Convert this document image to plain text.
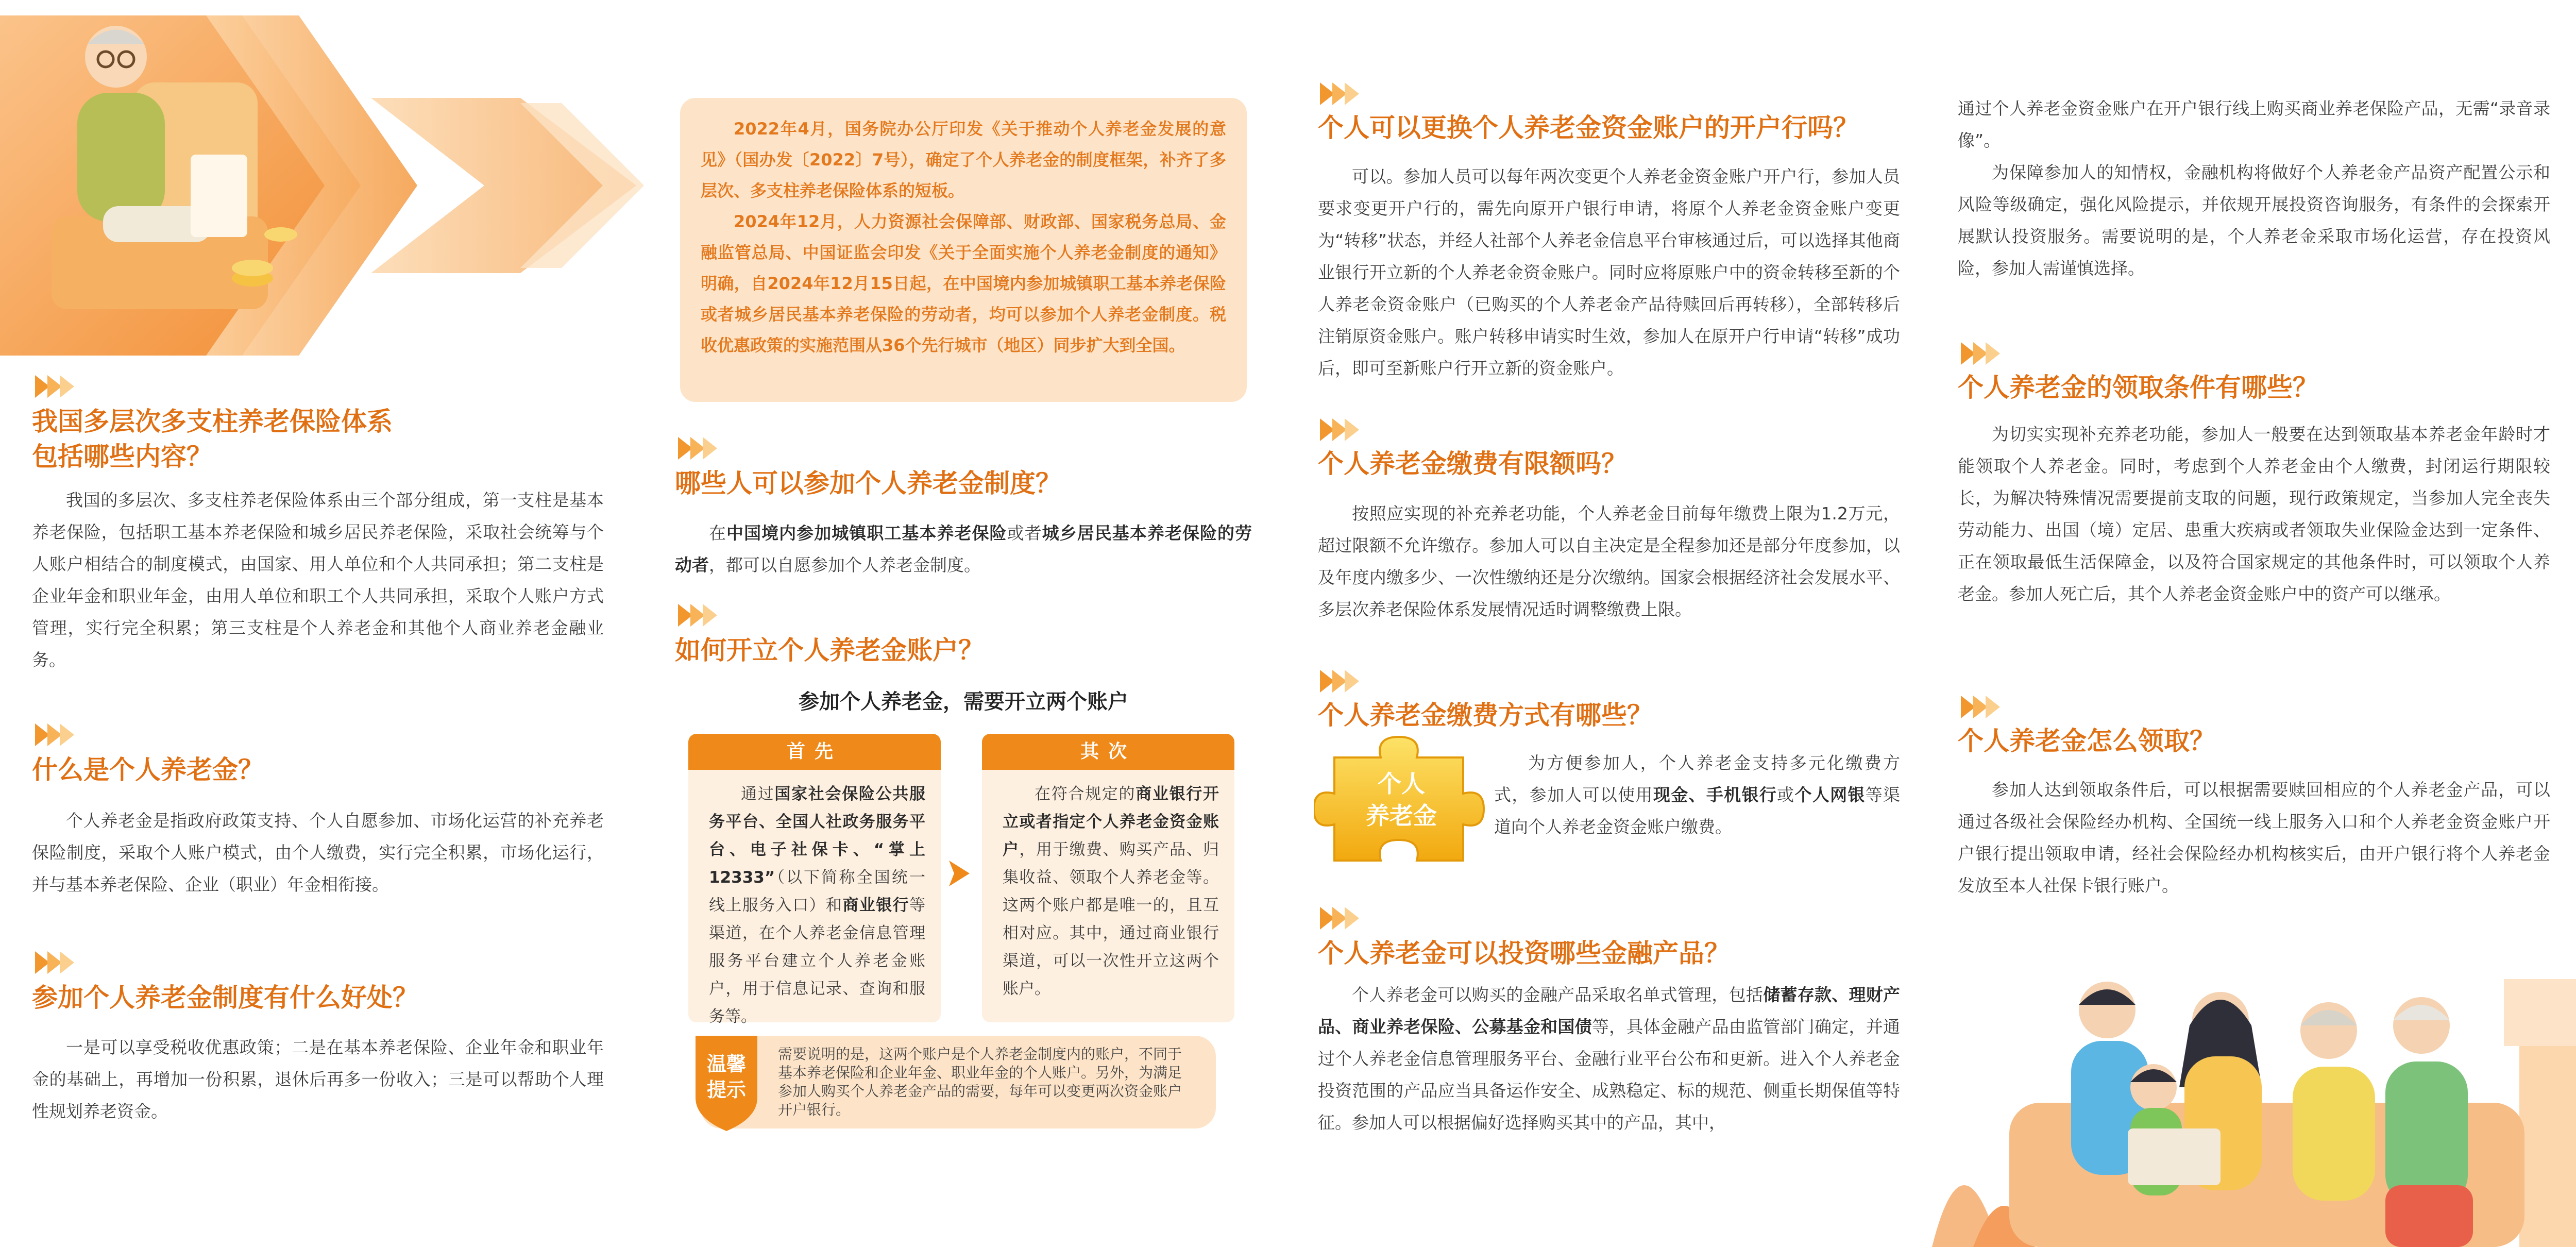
我国多层次多支柱养老保险体系
包括哪些内容？

我国的多层次、多支柱养老保险体系由三个部分组成，第一支柱是基本养老保险，包括职工基本养老保险和城乡居民养老保险，采取社会统筹与个人账户相结合的制度模式，由国家、用人单位和个人共同承担；第二支柱是企业年金和职业年金，由用人单位和职工个人共同承担，采取个人账户方式管理，实行完全积累；第三支柱是个人养老金和其他个人商业养老金融业务。

什么是个人养老金？

个人养老金是指政府政策支持、个人自愿参加、市场化运营的补充养老保险制度，采取个人账户模式，由个人缴费，实行完全积累，市场化运行，并与基本养老保险、企业（职业）年金相衔接。

参加个人养老金制度有什么好处？

一是可以享受税收优惠政策；二是在基本养老保险、企业年金和职业年金的基础上，再增加一份积累，退休后再多一份收入；三是可以帮助个人理性规划养老资金。

2022年4月，国务院办公厅印发《关于推动个人养老金发展的意见》（国办发〔2022〕7号），确定了个人养老金的制度框架，补齐了多层次、多支柱养老保险体系的短板。

2024年12月，人力资源社会保障部、财政部、国家税务总局、金融监管总局、中国证监会印发《关于全面实施个人养老金制度的通知》明确，自2024年12月15日起，在中国境内参加城镇职工基本养老保险或者城乡居民基本养老保险的劳动者，均可以参加个人养老金制度。税收优惠政策的实施范围从36个先行城市（地区）同步扩大到全国。

哪些人可以参加个人养老金制度？

在中国境内参加城镇职工基本养老保险或者城乡居民基本养老保险的劳动者，都可以自愿参加个人养老金制度。

如何开立个人养老金账户？
参加个人养老金，需要开立两个账户
首先

通过国家社会保险公共服务平台、全国人社政务服务平台、电子社保卡、“掌上12333”（以下简称全国统一线上服务入口）和商业银行等渠道，在个人养老金信息管理服务平台建立个人养老金账户，用于信息记录、查询和服务等。

其次

在符合规定的商业银行开立或者指定个人养老金资金账户，用于缴费、购买产品、归集收益、领取个人养老金等。这两个账户都是唯一的，且互相对应。其中，通过商业银行渠道，可以一次性开立这两个账户。

温馨
提示
需要说明的是，这两个账户是个人养老金制度内的账户，不同于基本养老保险和企业年金、职业年金的个人账户。另外，为满足参加人购买个人养老金产品的需要，每年可以变更两次资金账户开户银行。
个人可以更换个人养老金资金账户的开户行吗？

可以。参加人员可以每年两次变更个人养老金资金账户开户行，参加人员要求变更开户行的，需先向原开户银行申请，将原个人养老金资金账户变更为“转移”状态，并经人社部个人养老金信息平台审核通过后，可以选择其他商业银行开立新的个人养老金资金账户。同时应将原账户中的资金转移至新的个人养老金资金账户（已购买的个人养老金产品待赎回后再转移），全部转移后注销原资金账户。账户转移申请实时生效，参加人在原开户行申请“转移”成功后，即可至新账户行开立新的资金账户。

个人养老金缴费有限额吗？

按照应实现的补充养老功能，个人养老金目前每年缴费上限为1.2万元，超过限额不允许缴存。参加人可以自主决定是全程参加还是部分年度参加，以及年度内缴多少、一次性缴纳还是分次缴纳。国家会根据经济社会发展水平、多层次养老保险体系发展情况适时调整缴费上限。

个人养老金缴费方式有哪些？
个人
养老金

为方便参加人，个人养老金支持多元化缴费方式，参加人可以使用现金、手机银行或个人网银等渠道向个人养老金资金账户缴费。

个人养老金可以投资哪些金融产品？

个人养老金可以购买的金融产品采取名单式管理，包括储蓄存款、理财产品、商业养老保险、公募基金和国债等，具体金融产品由监管部门确定，并通过个人养老金信息管理服务平台、金融行业平台公布和更新。进入个人养老金投资范围的产品应当具备运作安全、成熟稳定、标的规范、侧重长期保值等特征。参加人可以根据偏好选择购买其中的产品，其中，

通过个人养老金资金账户在开户银行线上购买商业养老保险产品，无需“录音录像”。

为保障参加人的知情权，金融机构将做好个人养老金产品资产配置公示和风险等级确定，强化风险提示，并依规开展投资咨询服务，有条件的会探索开展默认投资服务。需要说明的是，个人养老金采取市场化运营，存在投资风险，参加人需谨慎选择。

个人养老金的领取条件有哪些？

为切实实现补充养老功能，参加人一般要在达到领取基本养老金年龄时才能领取个人养老金。同时，考虑到个人养老金由个人缴费，封闭运行期限较长，为解决特殊情况需要提前支取的问题，现行政策规定，当参加人完全丧失劳动能力、出国（境）定居、患重大疾病或者领取失业保险金达到一定条件、正在领取最低生活保障金，以及符合国家规定的其他条件时，可以领取个人养老金。参加人死亡后，其个人养老金资金账户中的资产可以继承。

个人养老金怎么领取？

参加人达到领取条件后，可以根据需要赎回相应的个人养老金产品，可以通过各级社会保险经办机构、全国统一线上服务入口和个人养老金资金账户开户银行提出领取申请，经社会保险经办机构核实后，由开户银行将个人养老金发放至本人社保卡银行账户。
